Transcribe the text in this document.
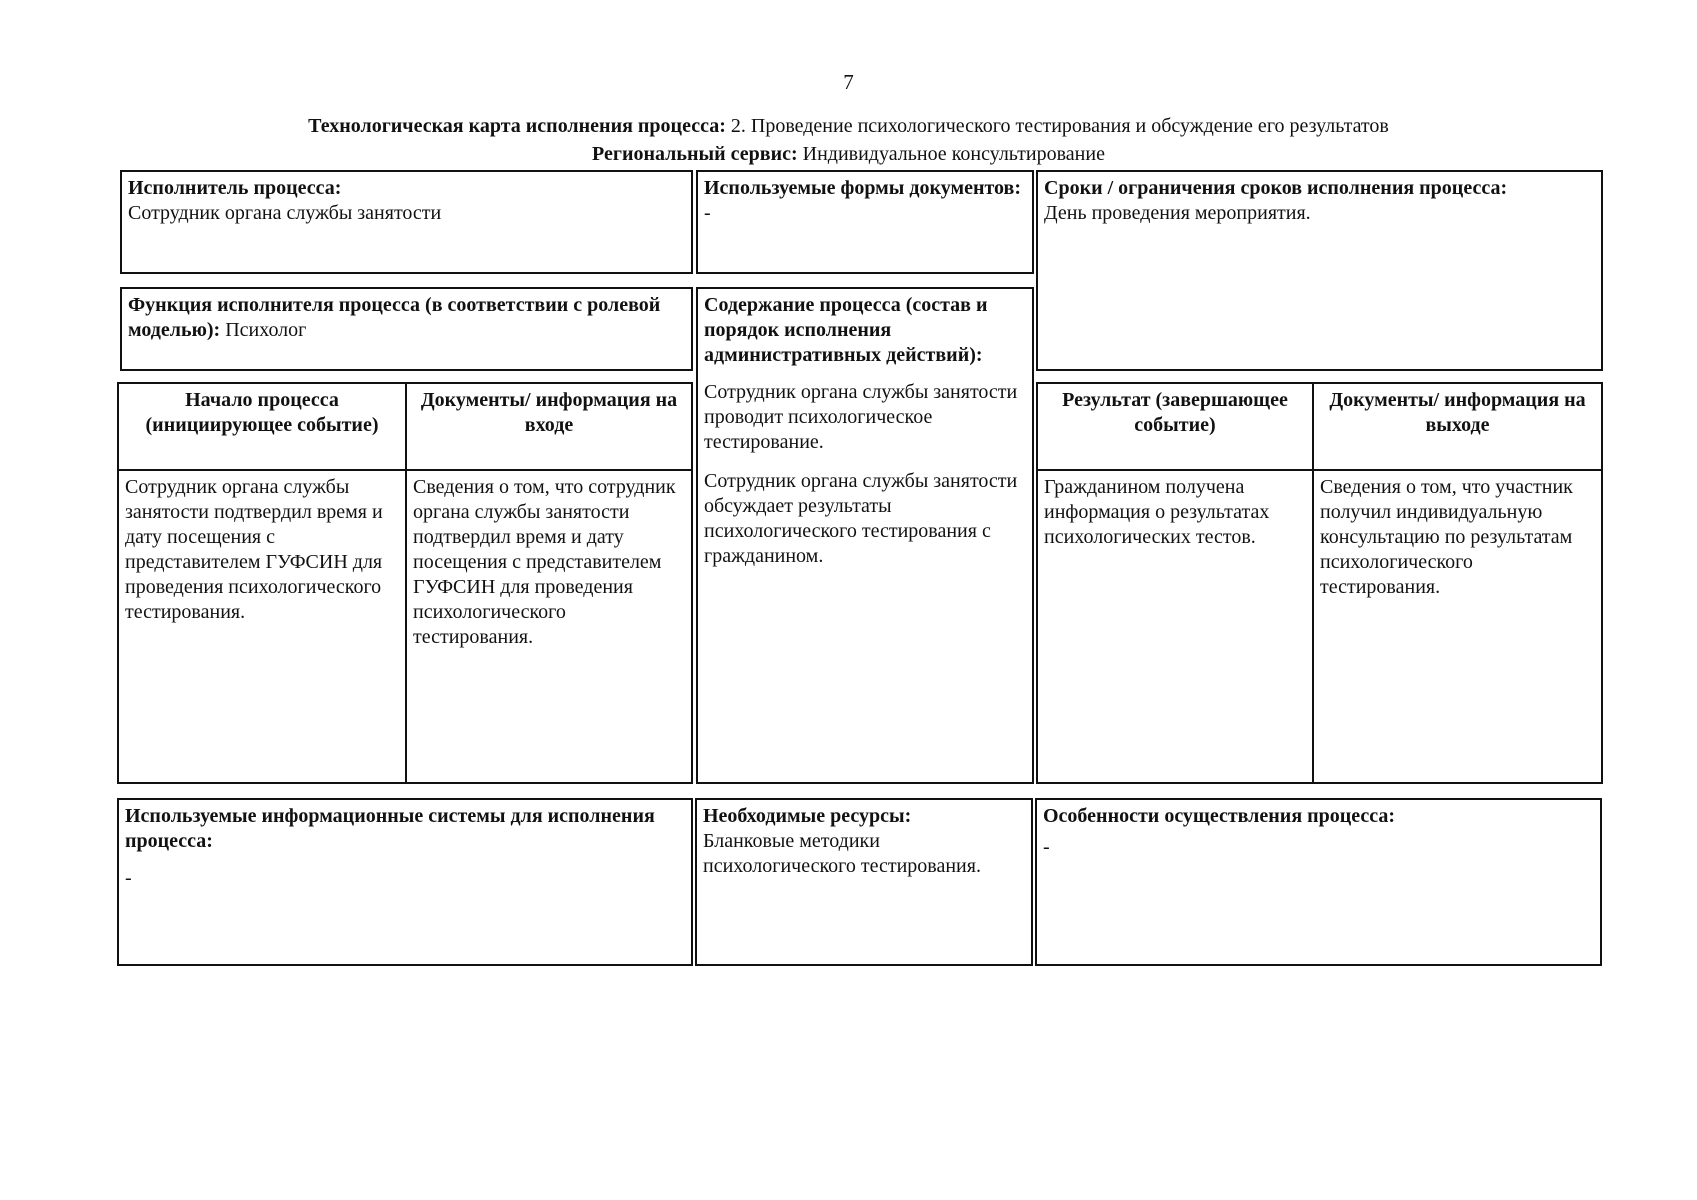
7
Технологическая карта исполнения процесса: 2. Проведение психологического тестирования и обсуждение его результатов
Региональный сервис: Индивидуальное консультирование
Исполнитель процесса:
Сотрудник органа службы занятости
Используемые формы документов:
-
Сроки / ограничения сроков исполнения процесса:
День проведения мероприятия.
Функция исполнителя процесса (в соответствии с ролевой моделью): Психолог
Содержание процесса (состав и порядок исполнения административных действий):
Сотрудник органа службы занятости проводит психологическое тестирование.
Сотрудник органа службы занятости обсуждает результаты психологического тестирования с гражданином.
Начало процесса (инициирующее событие)
Документы/ информация на входе
Сотрудник органа службы занятости подтвердил время и дату посещения с представителем ГУФСИН для проведения психологического тестирования.
Сведения о том, что сотрудник органа службы занятости подтвердил время и дату посещения с представителем ГУФСИН для проведения психологического тестирования.
Результат (завершающее событие)
Документы/ информация на выходе
Гражданином получена информация о результатах психологических тестов.
Сведения о том, что участник получил индивидуальную консультацию по результатам психологического тестирования.
Используемые информационные системы для исполнения процесса:
-
Необходимые ресурсы:
Бланковые методики психологического тестирования.
Особенности осуществления процесса:
-
